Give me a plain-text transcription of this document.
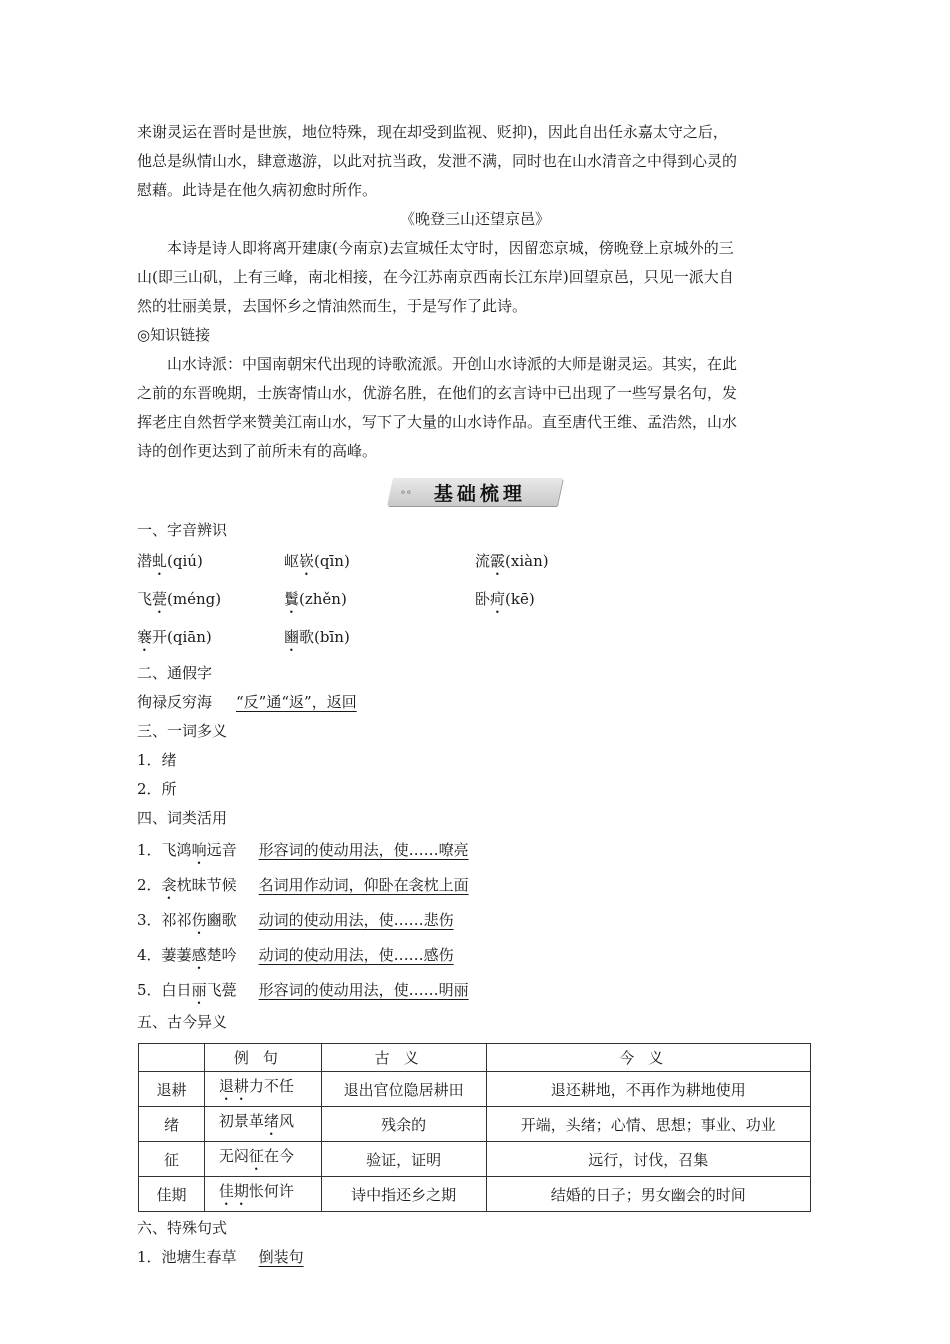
来谢灵运在晋时是世族，地位特殊，现在却受到监视、贬抑)，因此自出任永嘉太守之后，

他总是纵情山水，肆意遨游，以此对抗当政，发泄不满，同时也在山水清音之中得到心灵的

慰藉。此诗是在他久病初愈时所作。

《晚登三山还望京邑》

本诗是诗人即将离开建康(今南京)去宣城任太守时，因留恋京城，傍晚登上京城外的三

山(即三山矶，上有三峰，南北相接，在今江苏南京西南长江东岸)回望京邑，只见一派大自

然的壮丽美景，去国怀乡之情油然而生，于是写作了此诗。

◎知识链接

山水诗派：中国南朝宋代出现的诗歌流派。开创山水诗派的大师是谢灵运。其实，在此

之前的东晋晚期，士族寄情山水，优游名胜，在他们的玄言诗中已出现了一些写景名句，发

挥老庄自然哲学来赞美江南山水，写下了大量的山水诗作品。直至唐代王维、孟浩然，山水

诗的创作更达到了前所未有的高峰。

∘∘ 基础梳理
一、字音辨识
潜虬(qiú)	岖嵚(qīn)	流霰(xiàn)
飞甍(méng)	鬒(zhěn)	卧疴(kē)
褰开(qiān)	豳歌(bīn)
二、通假字
徇禄反穷海 “反”通“返”，返回
三、一词多义
1．绪
2．所
四、词类活用
1．飞鸿响远音 形容词的使动用法，使……嘹亮
2．衾枕昧节候 名词用作动词，仰卧在衾枕上面
3．祁祁伤豳歌 动词的使动用法，使……悲伤
4．萋萋感楚吟 动词的使动用法，使……感伤
5．白日丽飞甍 形容词的使动用法，使……明丽
五、古今异义
	例句	古义	今义
退耕	退耕力不任	退出官位隐居耕田	退还耕地，不再作为耕地使用
绪	初景革绪风	残余的	开端，头绪；心情、思想；事业、功业
征	无闷征在今	验证，证明	远行，讨伐，召集
佳期	佳期怅何许	诗中指还乡之期	结婚的日子；男女幽会的时间
六、特殊句式
1．池塘生春草 倒装句
